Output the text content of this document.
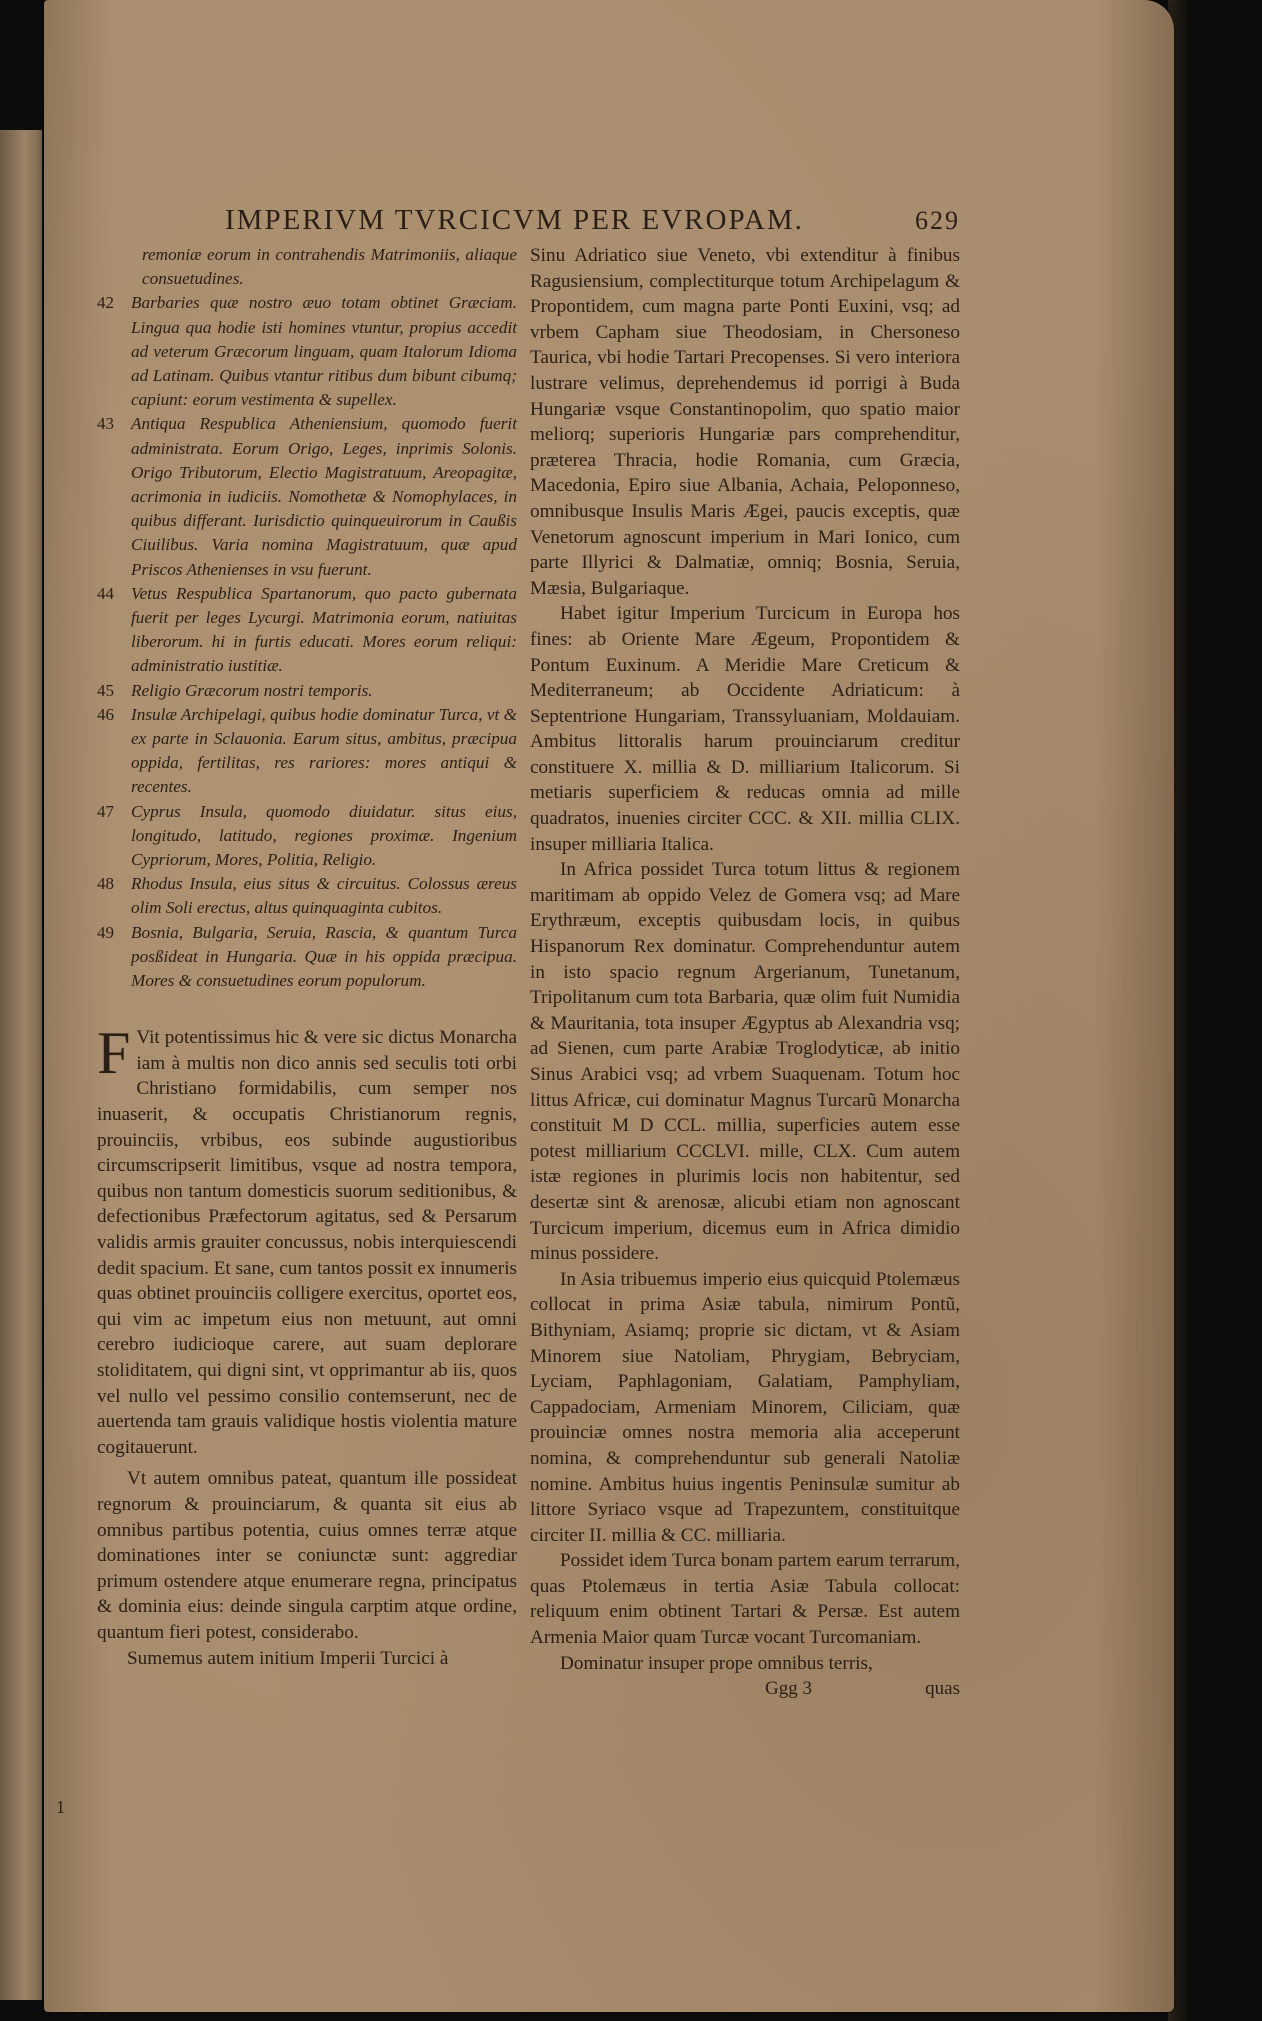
IMPERIVM TVRCICVM PER EVROPAM.	629
remoniæ eorum in contrahendis Matrimoniis, aliaque consuetudines.
42 Barbaries quæ nostro æuo totam obtinet Græciam. Lingua qua hodie isti homines vtuntur, propius accedit ad veterum Græcorum linguam, quam Italorum Idioma ad Latinam. Quibus vtantur ritibus dum bibunt cibumq; capiunt: eorum vestimenta & supellex.
43 Antiqua Respublica Atheniensium, quomodo fuerit administrata. Eorum Origo, Leges, inprimis Solonis. Origo Tributorum, Electio Magistratuum, Areopagitæ, acrimonia in iudiciis. Nomothetæ & Nomophylaces, in quibus differant. Iurisdictio quinqueuirorum in Caußis Ciuilibus. Varia nomina Magistratuum, quæ apud Priscos Athenienses in vsu fuerunt.
44 Vetus Respublica Spartanorum, quo pacto gubernata fuerit per leges Lycurgi. Matrimonia eorum, natiuitas liberorum. hi in furtis educati. Mores eorum reliqui: administratio iustitiæ.
45 Religio Græcorum nostri temporis.
46 Insulæ Archipelagi, quibus hodie dominatur Turca, vt & ex parte in Sclauonia. Earum situs, ambitus, præcipua oppida, fertilitas, res rariores: mores antiqui & recentes.
47 Cyprus Insula, quomodo diuidatur. situs eius, longitudo, latitudo, regiones proximæ. Ingenium Cypriorum, Mores, Politia, Religio.
48 Rhodus Insula, eius situs & circuitus. Colossus æreus olim Soli erectus, altus quinquaginta cubitos.
49 Bosnia, Bulgaria, Seruia, Rascia, & quantum Turca posßideat in Hungaria. Quæ in his oppida præcipua. Mores & consuetudines eorum populorum.
F Vit potentissimus hic & vere sic dictus Monarcha iam à multis non dico annis sed seculis toti orbi Christiano formidabilis, cum semper nos inuaserit, & occupatis Christianorum regnis, prouinciis, vrbibus, eos subinde augustioribus circumscripserit limitibus, vsque ad nostra tempora, quibus non tantum domesticis suorum seditionibus, & defectionibus Præfectorum agitatus, sed & Persarum validis armis grauiter concussus, nobis interquiescendi dedit spacium. Et sane, cum tantos possit ex innumeris quas obtinet prouinciis colligere exercitus, oportet eos, qui vim ac impetum eius non metuunt, aut omni cerebro iudicioque carere, aut suam deplorare stoliditatem, qui digni sint, vt opprimantur ab iis, quos vel nullo vel pessimo consilio contemserunt, nec de auertenda tam grauis validique hostis violentia mature cogitauerunt.

Vt autem omnibus pateat, quantum ille possideat regnorum & prouinciarum, & quanta sit eius ab omnibus partibus potentia, cuius omnes terræ atque dominationes inter se coniunctæ sunt: aggrediar primum ostendere atque enumerare regna, principatus & dominia eius: deinde singula carptim atque ordine, quantum fieri potest, considerabo.

Sumemus autem initium Imperii Turcici à

1

Sinu Adriatico siue Veneto, vbi extenditur à finibus Ragusiensium, complectiturque totum Archipelagum & Propontidem, cum magna parte Ponti Euxini, vsq; ad vrbem Capham siue Theodosiam, in Chersoneso Taurica, vbi hodie Tartari Precopenses. Si vero interiora lustrare velimus, deprehendemus id porrigi à Buda Hungariæ vsque Constantinopolim, quo spatio maior meliorq; superioris Hungariæ pars comprehenditur, præterea Thracia, hodie Romania, cum Græcia, Macedonia, Epiro siue Albania, Achaia, Peloponneso, omnibusque Insulis Maris Ægei, paucis exceptis, quæ Venetorum agnoscunt imperium in Mari Ionico, cum parte Illyrici & Dalmatiæ, omniq; Bosnia, Seruia, Mæsia, Bulgariaque.

Habet igitur Imperium Turcicum in Europa hos fines: ab Oriente Mare Ægeum, Propontidem & Pontum Euxinum. A Meridie Mare Creticum & Mediterraneum; ab Occidente Adriaticum: à Septentrione Hungariam, Transsyluaniam, Moldauiam. Ambitus littoralis harum prouinciarum creditur constituere X. millia & D. milliarium Italicorum. Si metiaris superficiem & reducas omnia ad mille quadratos, inuenies circiter CCC. & XII. millia CLIX. insuper milliaria Italica.

In Africa possidet Turca totum littus & regionem maritimam ab oppido Velez de Gomera vsq; ad Mare Erythræum, exceptis quibusdam locis, in quibus Hispanorum Rex dominatur. Comprehenduntur autem in isto spacio regnum Argerianum, Tunetanum, Tripolitanum cum tota Barbaria, quæ olim fuit Numidia & Mauritania, tota insuper Ægyptus ab Alexandria vsq; ad Sienen, cum parte Arabiæ Troglodyticæ, ab initio Sinus Arabici vsq; ad vrbem Suaquenam. Totum hoc littus Africæ, cui dominatur Magnus Turcarũ Monarcha constituit M D CCL. millia, superficies autem esse potest milliarium CCCLVI. mille, CLX. Cum autem istæ regiones in plurimis locis non habitentur, sed desertæ sint & arenosæ, alicubi etiam non agnoscant Turcicum imperium, dicemus eum in Africa dimidio minus possidere.

In Asia tribuemus imperio eius quicquid Ptolemæus collocat in prima Asiæ tabula, nimirum Pontũ, Bithyniam, Asiamq; proprie sic dictam, vt & Asiam Minorem siue Natoliam, Phrygiam, Bebryciam, Lyciam, Paphlagoniam, Galatiam, Pamphyliam, Cappadociam, Armeniam Minorem, Ciliciam, quæ prouinciæ omnes nostra memoria alia acceperunt nomina, & comprehenduntur sub generali Natoliæ nomine. Ambitus huius ingentis Peninsulæ sumitur ab littore Syriaco vsque ad Trapezuntem, constituitque circiter II. millia & CC. milliaria.

Possidet idem Turca bonam partem earum terrarum, quas Ptolemæus in tertia Asiæ Tabula collocat: reliquum enim obtinent Tartari & Persæ. Est autem Armenia Maior quam Turcæ vocant Turcomaniam.

Dominatur insuper prope omnibus terris,

Ggg 3	quas
